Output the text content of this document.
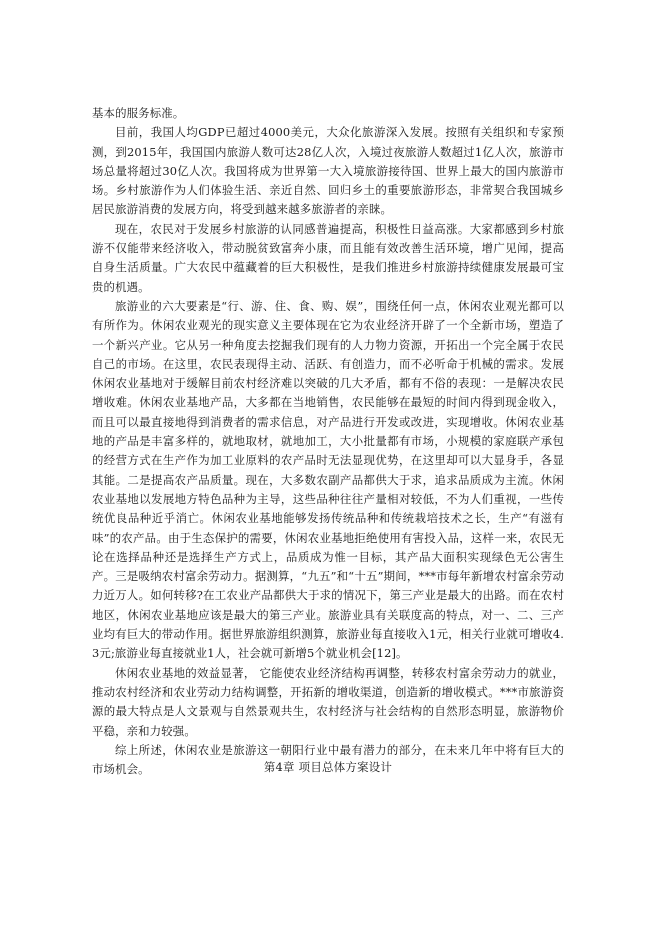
基本的服务标准。

目前，我国人均GDP已超过4000美元，大众化旅游深入发展。按照有关组织和专家预测，到2015年，我国国内旅游人数可达28亿人次，入境过夜旅游人数超过1亿人次，旅游市场总量将超过30亿人次。我国将成为世界第一大入境旅游接待国、世界上最大的国内旅游市场。乡村旅游作为人们体验生活、亲近自然、回归乡土的重要旅游形态，非常契合我国城乡居民旅游消费的发展方向，将受到越来越多旅游者的亲睐。

现在，农民对于发展乡村旅游的认同感普遍提高，积极性日益高涨。大家都感到乡村旅游不仅能带来经济收入，带动脱贫致富奔小康，而且能有效改善生活环境，增广见闻，提高自身生活质量。广大农民中蕴藏着的巨大积极性，是我们推进乡村旅游持续健康发展最可宝贵的机遇。

旅游业的六大要素是“行、游、住、食、购、娱”，围绕任何一点，休闲农业观光都可以有所作为。休闲农业观光的现实意义主要体现在它为农业经济开辟了一个全新市场，塑造了一个新兴产业。它从另一种角度去挖掘我们现有的人力物力资源，开拓出一个完全属于农民自己的市场。在这里，农民表现得主动、活跃、有创造力，而不必听命于机械的需求。发展休闲农业基地对于缓解目前农村经济难以突破的几大矛盾，都有不俗的表现：一是解决农民增收难。休闲农业基地产品，大多都在当地销售，农民能够在最短的时间内得到现金收入，而且可以最直接地得到消费者的需求信息，对产品进行开发或改进，实现增收。休闲农业基地的产品是丰富多样的，就地取材，就地加工，大小批量都有市场，小规模的家庭联产承包的经营方式在生产作为加工业原料的农产品时无法显现优势，在这里却可以大显身手，各显其能。二是提高农产品质量。现在，大多数农副产品都供大于求，追求品质成为主流。休闲农业基地以发展地方特色品种为主导，这些品种往往产量相对较低，不为人们重视，一些传统优良品种近乎消亡。休闲农业基地能够发扬传统品种和传统栽培技术之长，生产“有滋有味”的农产品。由于生态保护的需要，休闲农业基地拒绝使用有害投入品，这样一来，农民无论在选择品种还是选择生产方式上，品质成为惟一目标，其产品大面积实现绿色无公害生产。三是吸纳农村富余劳动力。据测算，“九五”和“十五”期间，***市每年新增农村富余劳动力近万人。如何转移?在工农业产品都供大于求的情况下，第三产业是最大的出路。而在农村地区，休闲农业基地应该是最大的第三产业。旅游业具有关联度高的特点，对一、二、三产业均有巨大的带动作用。据世界旅游组织测算，旅游业每直接收入1元，相关行业就可增收4.3元;旅游业每直接就业1人，社会就可新增5个就业机会[12]。

休闲农业基地的效益显著， 它能使农业经济结构再调整，转移农村富余劳动力的就业，推动农村经济和农业劳动力结构调整，开拓新的增收渠道，创造新的增收模式。***市旅游资源的最大特点是人文景观与自然景观共生，农村经济与社会结构的自然形态明显，旅游物价平稳，亲和力较强。

综上所述，休闲农业是旅游这一朝阳行业中最有潜力的部分，在未来几年中将有巨大的市场机会。	第4章 项目总体方案设计
